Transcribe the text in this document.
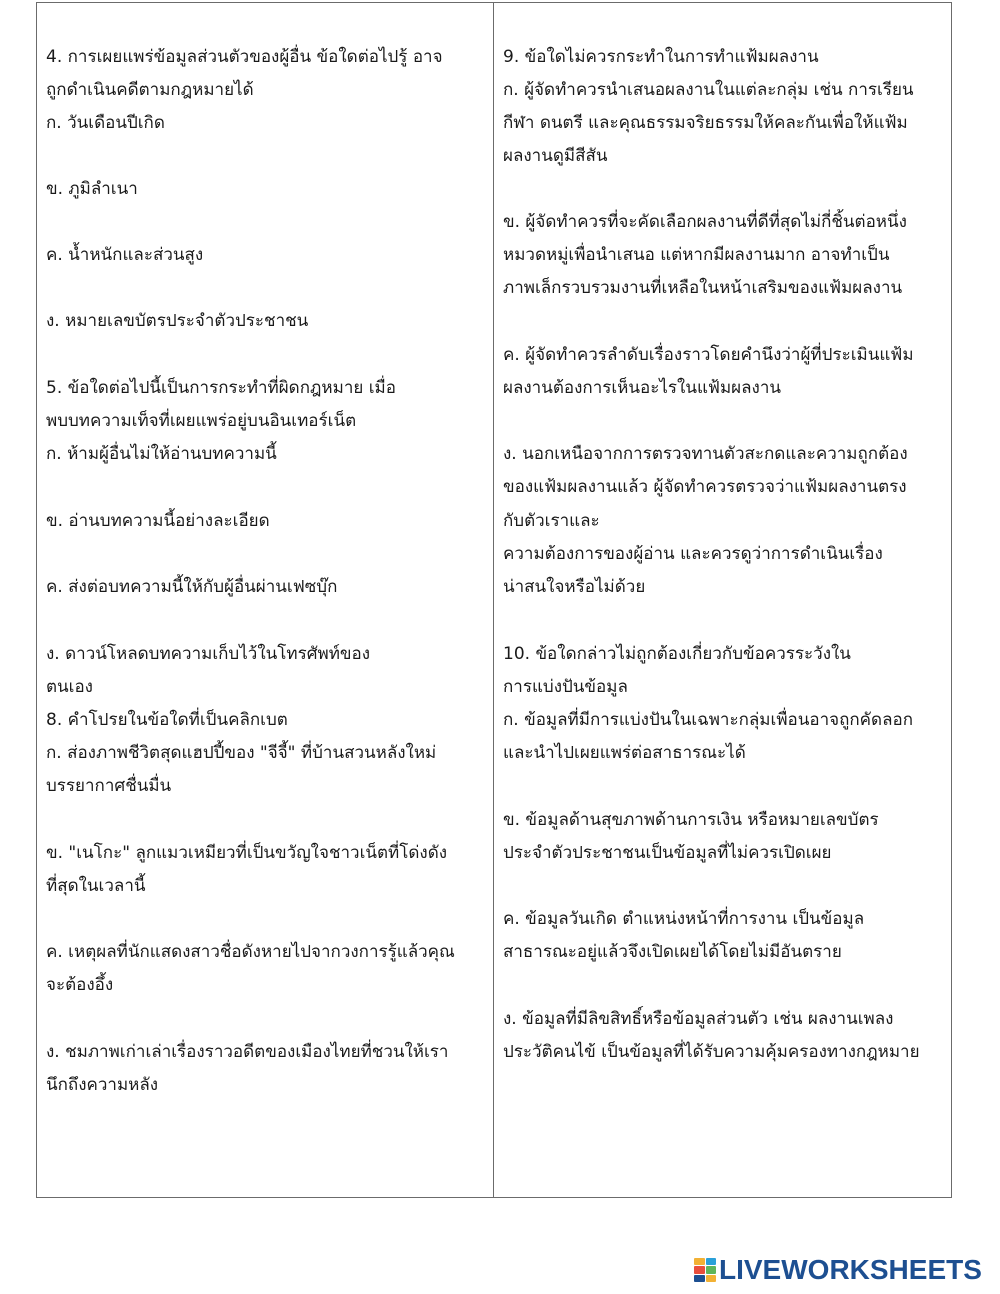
4. การเผยแพร่ข้อมูลส่วนตัวของผู้อื่น ข้อใดต่อไปรู้ อาจ
ถูกดำเนินคดีตามกฎหมายได้
ก. วันเดือนปีเกิด
ข. ภูมิลำเนา
ค. น้ำหนักและส่วนสูง
ง. หมายเลขบัตรประจำตัวประชาชน
5. ข้อใดต่อไปนี้เป็นการกระทำที่ผิดกฎหมาย เมื่อ
พบบทความเท็จที่เผยแพร่อยู่บนอินเทอร์เน็ต
ก. ห้ามผู้อื่นไม่ให้อ่านบทความนี้
ข. อ่านบทความนี้อย่างละเอียด
ค. ส่งต่อบทความนี้ให้กับผู้อื่นผ่านเฟซบุ๊ก
ง. ดาวน์โหลดบทความเก็บไว้ในโทรศัพท์ของ
ตนเอง
8. คำโปรยในข้อใดที่เป็นคลิกเบต
ก. ส่องภาพชีวิตสุดแฮปปี้ของ "จีจี้" ที่บ้านสวนหลังใหม่
บรรยากาศชื่นมื่น
ข. "เนโกะ" ลูกแมวเหมียวที่เป็นขวัญใจชาวเน็ตที่โด่งดัง
ที่สุดในเวลานี้
ค. เหตุผลที่นักแสดงสาวชื่อดังหายไปจากวงการรู้แล้วคุณ
จะต้องอึ้ง
ง. ชมภาพเก่าเล่าเรื่องราวอดีตของเมืองไทยที่ชวนให้เรา
นึกถึงความหลัง
9. ข้อใดไม่ควรกระทำในการทำแฟ้มผลงาน
ก. ผู้จัดทำควรนำเสนอผลงานในแต่ละกลุ่ม เช่น การเรียน
กีฬา ดนตรี และคุณธรรมจริยธรรมให้คละกันเพื่อให้แฟ้ม
ผลงานดูมีสีสัน
ข. ผู้จัดทำควรที่จะคัดเลือกผลงานที่ดีที่สุดไม่กี่ชิ้นต่อหนึ่ง
หมวดหมู่เพื่อนำเสนอ แต่หากมีผลงานมาก อาจทำเป็น
ภาพเล็กรวบรวมงานที่เหลือในหน้าเสริมของแฟ้มผลงาน
ค. ผู้จัดทำควรลำดับเรื่องราวโดยคำนึงว่าผู้ที่ประเมินแฟ้ม
ผลงานต้องการเห็นอะไรในแฟ้มผลงาน
ง. นอกเหนือจากการตรวจทานตัวสะกดและความถูกต้อง
ของแฟ้มผลงานแล้ว ผู้จัดทำควรตรวจว่าแฟ้มผลงานตรง
กับตัวเราและ
ความต้องการของผู้อ่าน และควรดูว่าการดำเนินเรื่อง
น่าสนใจหรือไม่ด้วย
10. ข้อใดกล่าวไม่ถูกต้องเกี่ยวกับข้อควรระวังใน
การแบ่งปันข้อมูล
ก. ข้อมูลที่มีการแบ่งปันในเฉพาะกลุ่มเพื่อนอาจถูกคัดลอก
และนำไปเผยแพร่ต่อสาธารณะได้
ข. ข้อมูลด้านสุขภาพด้านการเงิน หรือหมายเลขบัตร
ประจำตัวประชาชนเป็นข้อมูลที่ไม่ควรเปิดเผย
ค. ข้อมูลวันเกิด ตำแหน่งหน้าที่การงาน เป็นข้อมูล
สาธารณะอยู่แล้วจึงเปิดเผยได้โดยไม่มีอันตราย
ง. ข้อมูลที่มีลิขสิทธิ์หรือข้อมูลส่วนตัว เช่น ผลงานเพลง
ประวัติคนไข้ เป็นข้อมูลที่ได้รับความคุ้มครองทางกฎหมาย
LIVEWORKSHEETS
